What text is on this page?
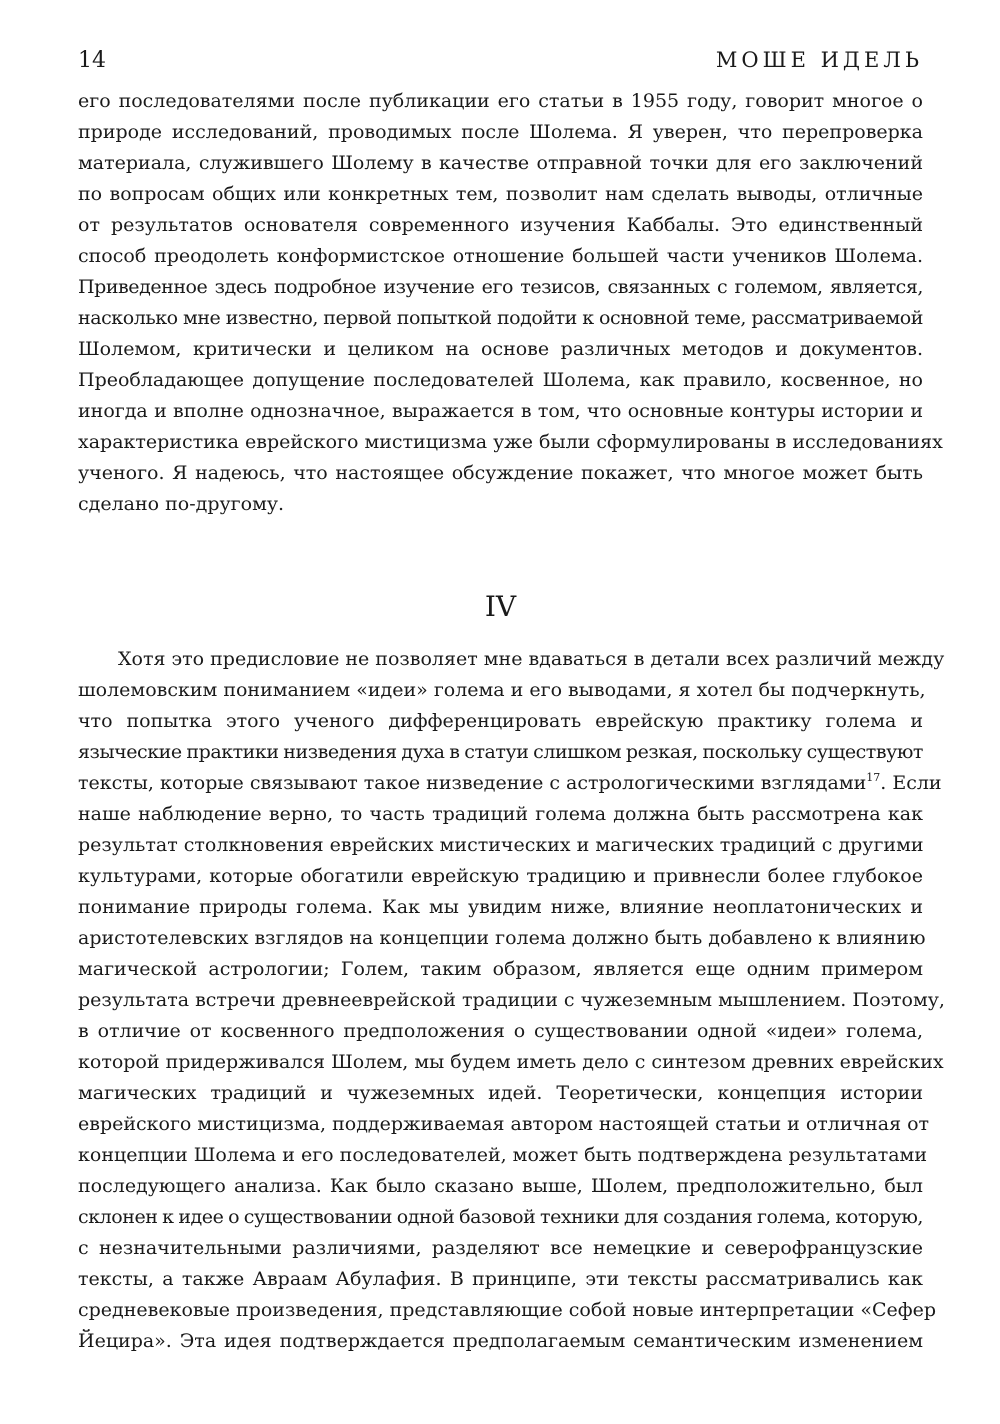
14	МОШЕ ИДЕЛЬ
его последователями после публикации его статьи в 1955 году, говорит многое о
природе исследований, проводимых после Шолема. Я уверен, что перепроверка
материала, служившего Шолему в качестве отправной точки для его заключений
по вопросам общих или конкретных тем, позволит нам сделать выводы, отличные
от результатов основателя современного изучения Каббалы. Это единственный
способ преодолеть конформистское отношение большей части учеников Шолема.
Приведенное здесь подробное изучение его тезисов, связанных с големом, является,
насколько мне известно, первой попыткой подойти к основной теме, рассматриваемой
Шолемом, критически и целиком на основе различных методов и документов.
Преобладающее допущение последователей Шолема, как правило, косвенное, но
иногда и вполне однозначное, выражается в том, что основные контуры истории и
характеристика еврейского мистицизма уже были сформулированы в исследованиях
ученого. Я надеюсь, что настоящее обсуждение покажет, что многое может быть
сделано по-другому.
IV
Хотя это предисловие не позволяет мне вдаваться в детали всех различий между
шолемовским пониманием «идеи» голема и его выводами, я хотел бы подчеркнуть,
что попытка этого ученого дифференцировать еврейскую практику голема и
языческие практики низведения духа в статуи слишком резкая, поскольку существуют
тексты, которые связывают такое низведение с астрологическими взглядами$^{17}$. Если
наше наблюдение верно, то часть традиций голема должна быть рассмотрена как
результат столкновения еврейских мистических и магических традиций с другими
культурами, которые обогатили еврейскую традицию и привнесли более глубокое
понимание природы голема. Как мы увидим ниже, влияние неоплатонических и
аристотелевских взглядов на концепции голема должно быть добавлено к влиянию
магической астрологии; Голем, таким образом, является еще одним примером
результата встречи древнееврейской традиции с чужеземным мышлением. Поэтому,
в отличие от косвенного предположения о существовании одной «идеи» голема,
которой придерживался Шолем, мы будем иметь дело с синтезом древних еврейских
магических традиций и чужеземных идей. Теоретически, концепция истории
еврейского мистицизма, поддерживаемая автором настоящей статьи и отличная от
концепции Шолема и его последователей, может быть подтверждена результатами
последующего анализа. Как было сказано выше, Шолем, предположительно, был
склонен к идее о существовании одной базовой техники для создания голема, которую,
с незначительными различиями, разделяют все немецкие и северофранцузские
тексты, а также Авраам Абулафия. В принципе, эти тексты рассматривались как
средневековые произведения, представляющие собой новые интерпретации «Сефер
Йецира». Эта идея подтверждается предполагаемым семантическим изменением
